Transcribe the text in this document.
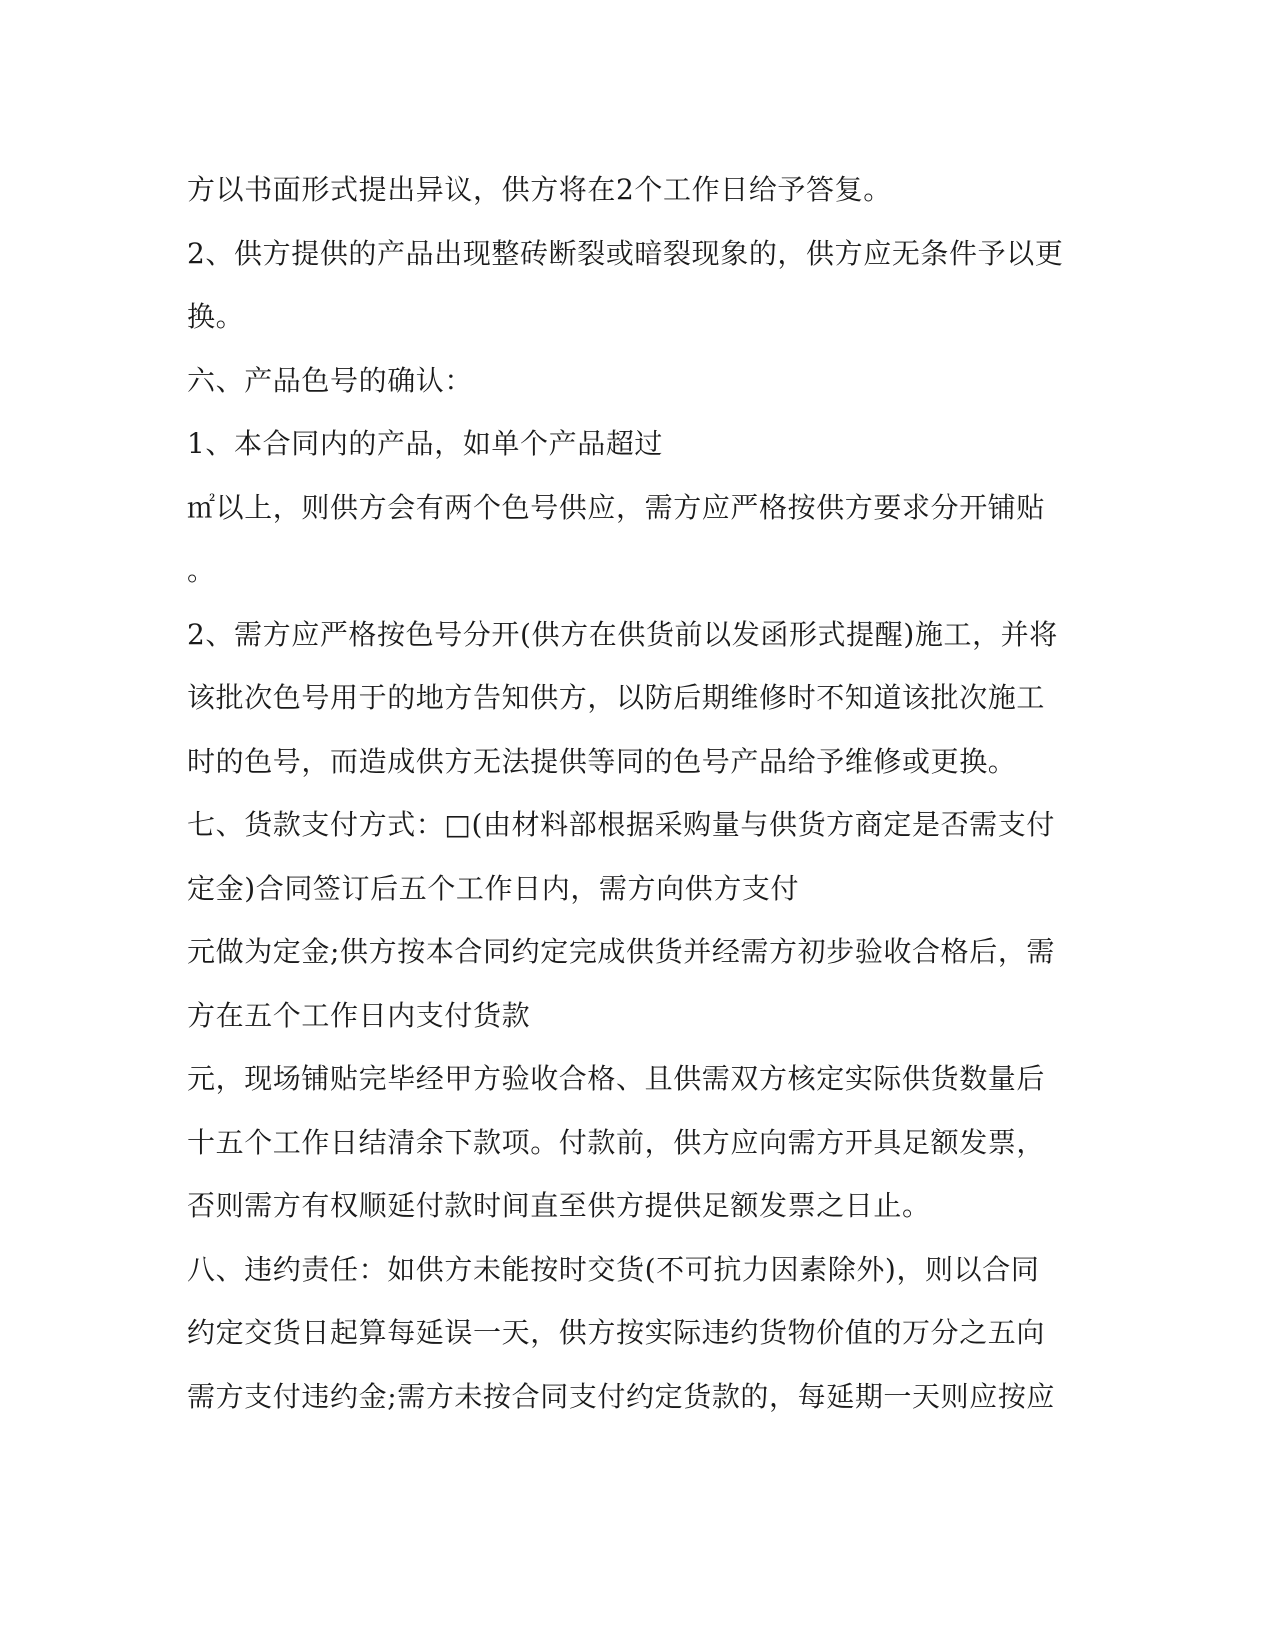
方以书面形式提出异议，供方将在2个工作日给予答复。
2、供方提供的产品出现整砖断裂或暗裂现象的，供方应无条件予以更
换。
六、产品色号的确认：
1、本合同内的产品，如单个产品超过
㎡以上，则供方会有两个色号供应，需方应严格按供方要求分开铺贴
。
2、需方应严格按色号分开(供方在供货前以发函形式提醒)施工，并将
该批次色号用于的地方告知供方，以防后期维修时不知道该批次施工
时的色号，而造成供方无法提供等同的色号产品给予维修或更换。
七、货款支付方式：□(由材料部根据采购量与供货方商定是否需支付
定金)合同签订后五个工作日内，需方向供方支付
元做为定金;供方按本合同约定完成供货并经需方初步验收合格后，需
方在五个工作日内支付货款
元，现场铺贴完毕经甲方验收合格、且供需双方核定实际供货数量后
十五个工作日结清余下款项。付款前，供方应向需方开具足额发票，
否则需方有权顺延付款时间直至供方提供足额发票之日止。
八、违约责任：如供方未能按时交货(不可抗力因素除外)，则以合同
约定交货日起算每延误一天，供方按实际违约货物价值的万分之五向
需方支付违约金;需方未按合同支付约定货款的，每延期一天则应按应
